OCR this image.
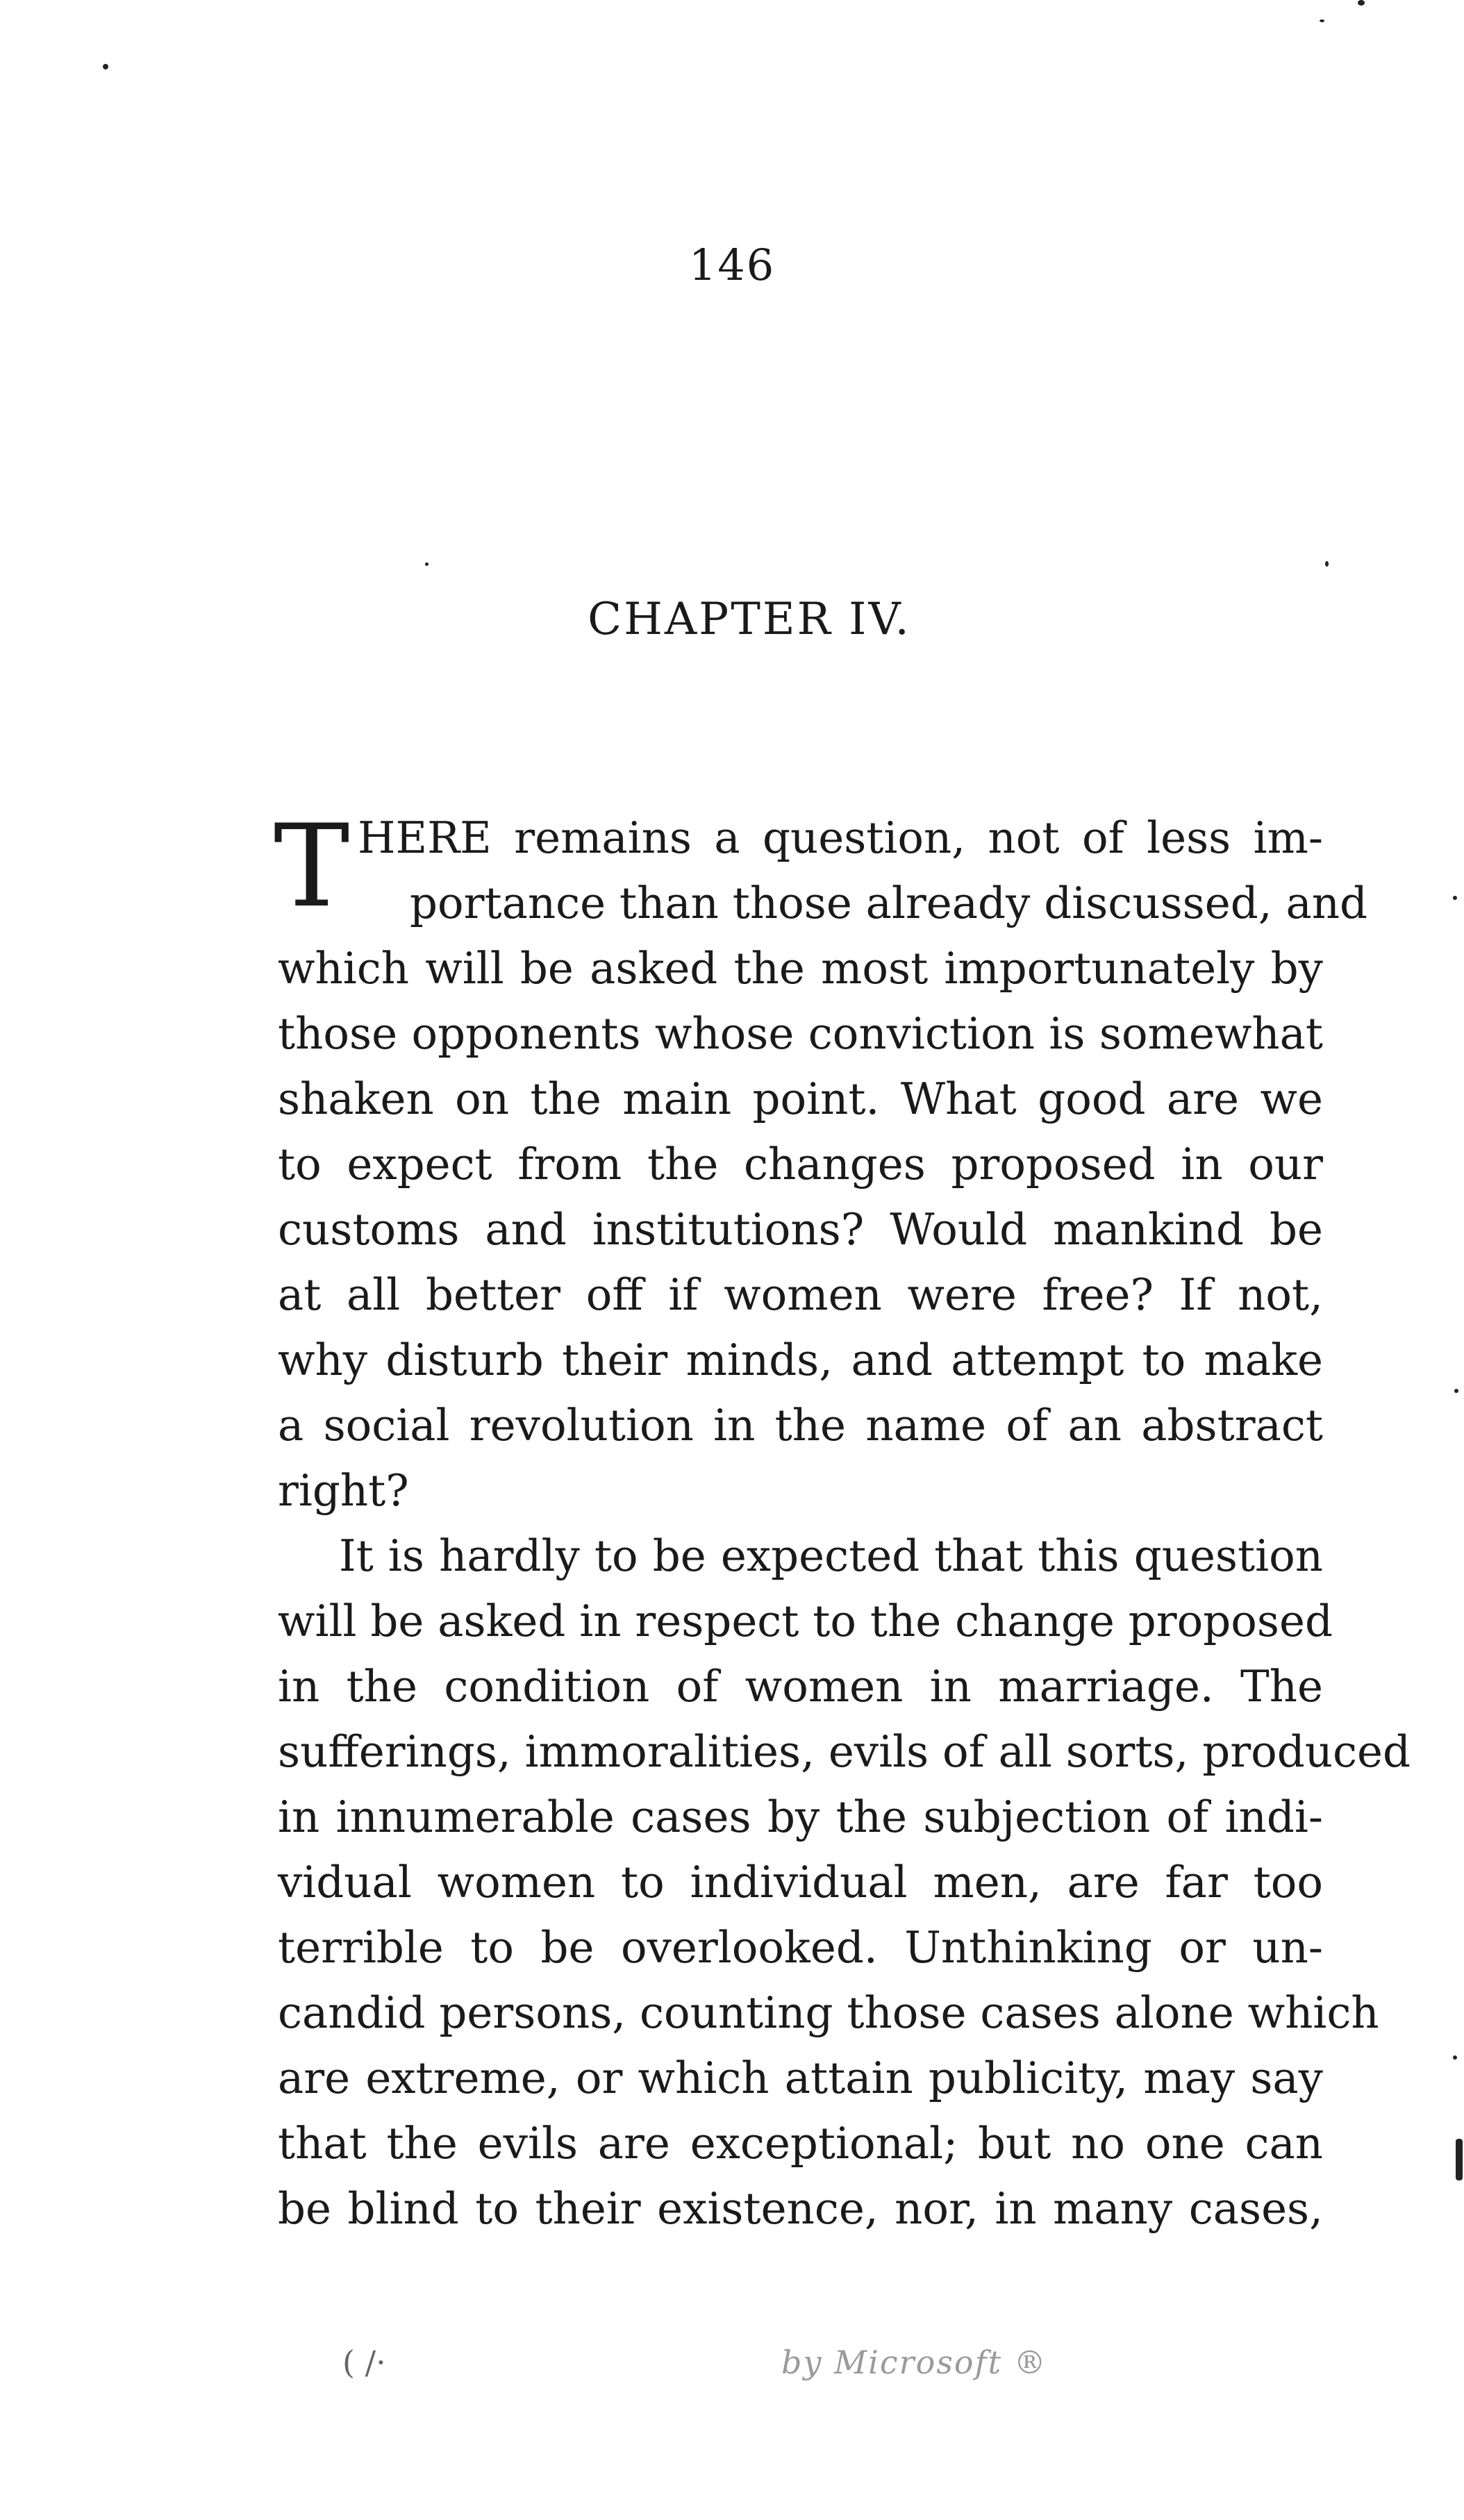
146
CHAPTER IV.
T HERE remains a question, not of less im-
portance than those already discussed, and
which will be asked the most importunately by
those opponents whose conviction is somewhat
shaken on the main point. What good are we
to expect from the changes proposed in our
customs and institutions? Would mankind be
at all better off if women were free? If not,
why disturb their minds, and attempt to make
a social revolution in the name of an abstract
right?
It is hardly to be expected that this question
will be asked in respect to the change proposed
in the condition of women in marriage. The
sufferings, immoralities, evils of all sorts, produced
in innumerable cases by the subjection of indi-
vidual women to individual men, are far too
terrible to be overlooked. Unthinking or un-
candid persons, counting those cases alone which
are extreme, or which attain publicity, may say
that the evils are exceptional; but no one can
be blind to their existence, nor, in many cases,
( /·	by Microsoft ®
